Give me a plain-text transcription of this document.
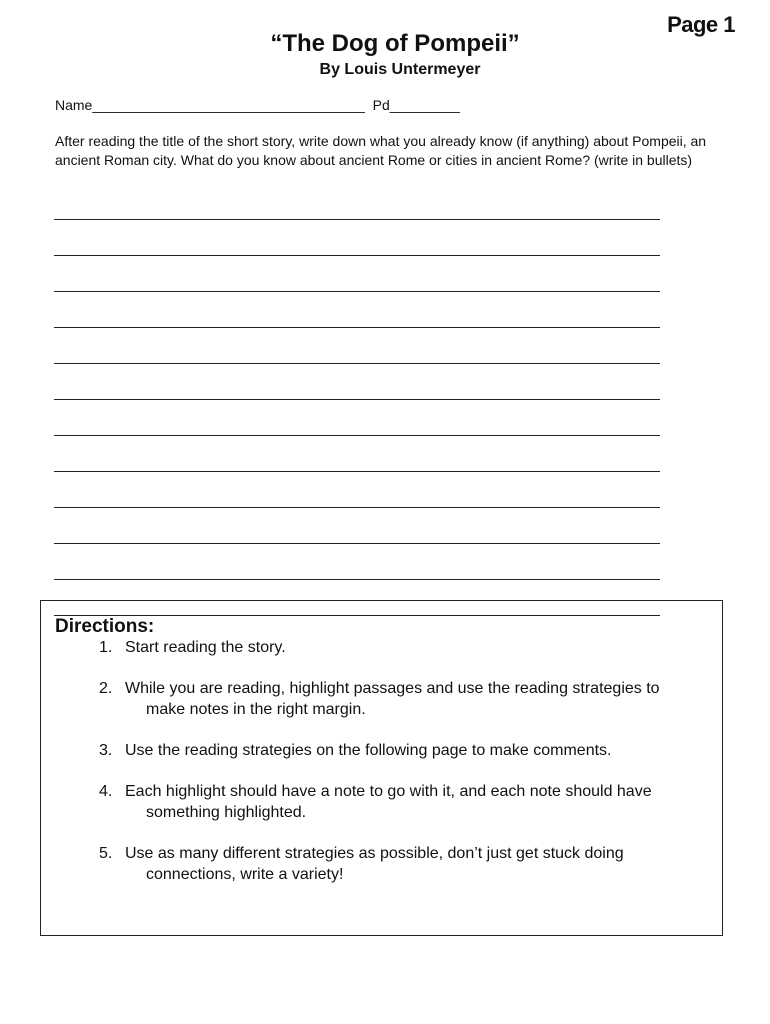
Page 1
“The Dog of Pompeii”
By Louis Untermeyer
Name___________________________________  Pd_________
After reading the title of the short story, write down what you already know (if anything) about Pompeii, an ancient Roman city. What do you know about ancient Rome or cities in ancient Rome? (write in bullets)
Directions:
1. Start reading the story.
2. While you are reading, highlight passages and use the reading strategies to
make notes in the right margin.
3. Use the reading strategies on the following page to make comments.
4. Each highlight should have a note to go with it, and each note should have
something highlighted.
5. Use as many different strategies as possible, don’t just get stuck doing
connections, write a variety!
